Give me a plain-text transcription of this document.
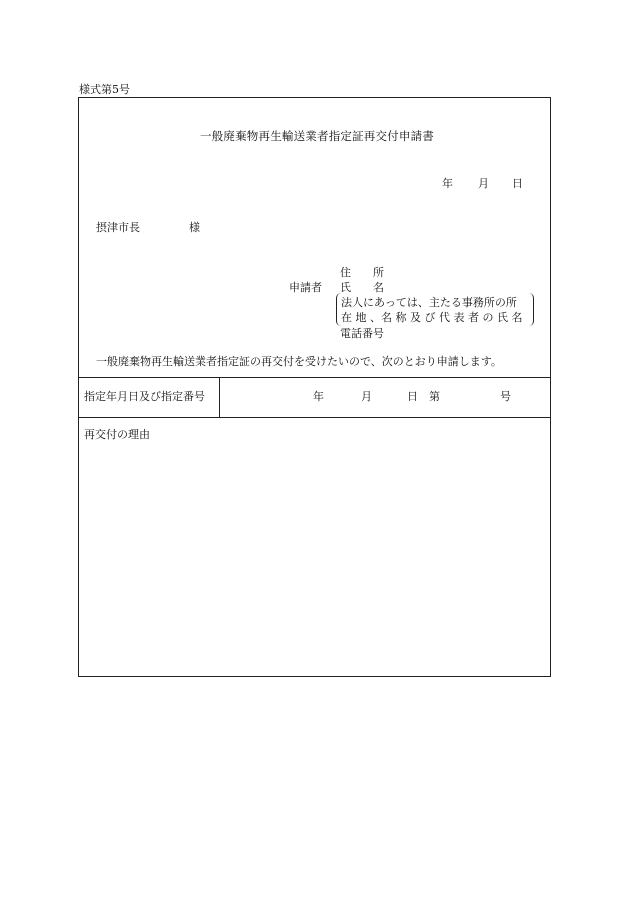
様式第5号
一般廃棄物再生輸送業者指定証再交付申請書
年 月 日
摂津市長	様
住　　所
申請者 氏　　名
法人にあっては、主たる事務所の所
在 地 、名 称 及 び 代 表 者 の 氏 名
電話番号
一般廃棄物再生輸送業者指定証の再交付を受けたいので、次のとおり申請します。
指定年月日及び指定番号	年	月	日 第	号
再交付の理由
